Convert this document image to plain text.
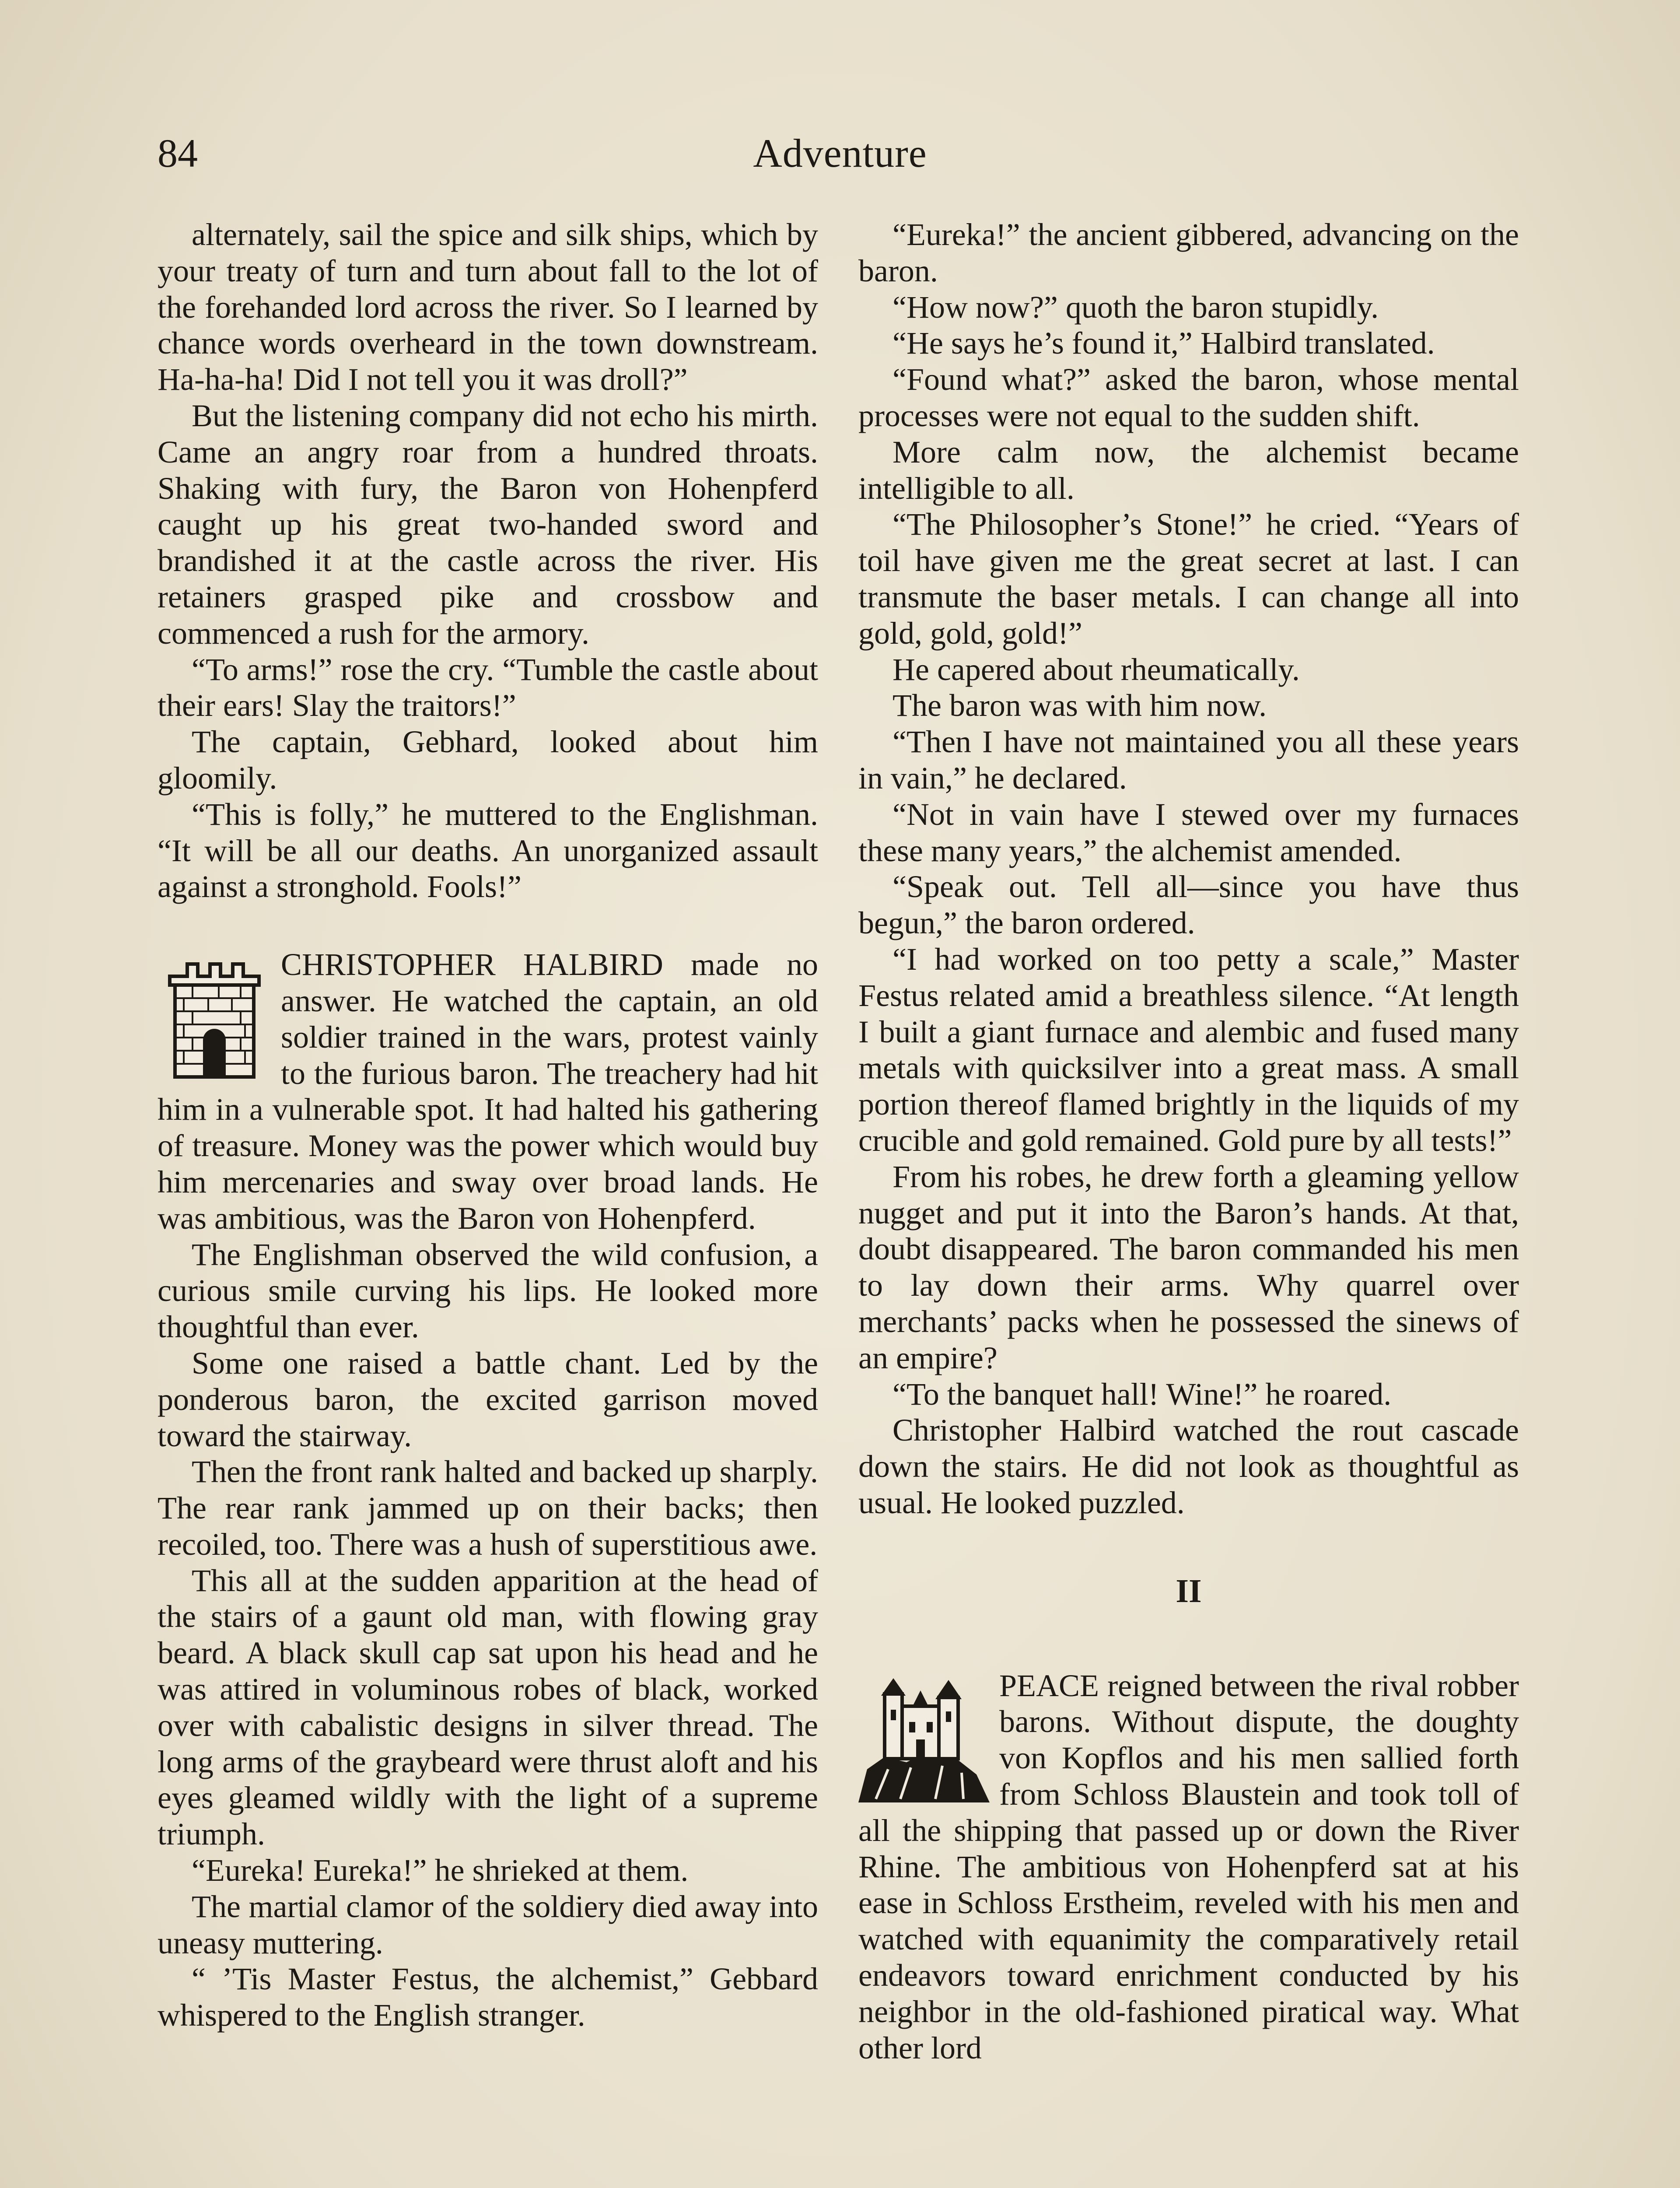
84	Adventure

alternately, sail the spice and silk ships, which by your treaty of turn and turn about fall to the lot of the forehanded lord across the river. So I learned by chance words overheard in the town downstream. Ha-ha-ha! Did I not tell you it was droll?”

But the listening company did not echo his mirth. Came an angry roar from a hundred throats. Shaking with fury, the Baron von Hohenpferd caught up his great two-handed sword and brandished it at the castle across the river. His retainers grasped pike and crossbow and commenced a rush for the armory.

“To arms!” rose the cry. “Tumble the castle about their ears! Slay the traitors!”

The captain, Gebhard, looked about him gloomily.

“This is folly,” he muttered to the Englishman. “It will be all our deaths. An unorganized assault against a stronghold. Fools!”

CHRISTOPHER HALBIRD made no answer. He watched the captain, an old soldier trained in the wars, protest vainly to the furious baron. The treachery had hit him in a vulnerable spot. It had halted his gathering of treasure. Money was the power which would buy him mercenaries and sway over broad lands. He was ambitious, was the Baron von Hohenpferd.

The Englishman observed the wild confusion, a curious smile curving his lips. He looked more thoughtful than ever.

Some one raised a battle chant. Led by the ponderous baron, the excited garrison moved toward the stairway.

Then the front rank halted and backed up sharply. The rear rank jammed up on their backs; then recoiled, too. There was a hush of superstitious awe.

This all at the sudden apparition at the head of the stairs of a gaunt old man, with flowing gray beard. A black skull cap sat upon his head and he was attired in voluminous robes of black, worked over with cabalistic designs in silver thread. The long arms of the graybeard were thrust aloft and his eyes gleamed wildly with the light of a supreme triumph.

“Eureka! Eureka!” he shrieked at them.

The martial clamor of the soldiery died away into uneasy muttering.

“ ’Tis Master Festus, the alchemist,” Gebbard whispered to the English stranger.

“Eureka!” the ancient gibbered, advancing on the baron.

“How now?” quoth the baron stupidly.

“He says he’s found it,” Halbird translated.

“Found what?” asked the baron, whose mental processes were not equal to the sudden shift.

More calm now, the alchemist became intelligible to all.

“The Philosopher’s Stone!” he cried. “Years of toil have given me the great secret at last. I can transmute the baser metals. I can change all into gold, gold, gold!”

He capered about rheumatically.

The baron was with him now.

“Then I have not maintained you all these years in vain,” he declared.

“Not in vain have I stewed over my furnaces these many years,” the alchemist amended.

“Speak out. Tell all—since you have thus begun,” the baron ordered.

“I had worked on too petty a scale,” Master Festus related amid a breathless silence. “At length I built a giant furnace and alembic and fused many metals with quicksilver into a great mass. A small portion thereof flamed brightly in the liquids of my crucible and gold remained. Gold pure by all tests!”

From his robes, he drew forth a gleaming yellow nugget and put it into the Baron’s hands. At that, doubt disappeared. The baron commanded his men to lay down their arms. Why quarrel over merchants’ packs when he possessed the sinews of an empire?

“To the banquet hall! Wine!” he roared.

Christopher Halbird watched the rout cascade down the stairs. He did not look as thoughtful as usual. He looked puzzled.

II

PEACE reigned between the rival robber barons. Without dispute, the doughty von Kopflos and his men sallied forth from Schloss Blaustein and took toll of all the shipping that passed up or down the River Rhine. The ambitious von Hohenpferd sat at his ease in Schloss Erstheim, reveled with his men and watched with equanimity the comparatively retail endeavors toward enrichment conducted by his neighbor in the old-fashioned piratical way. What other lord
